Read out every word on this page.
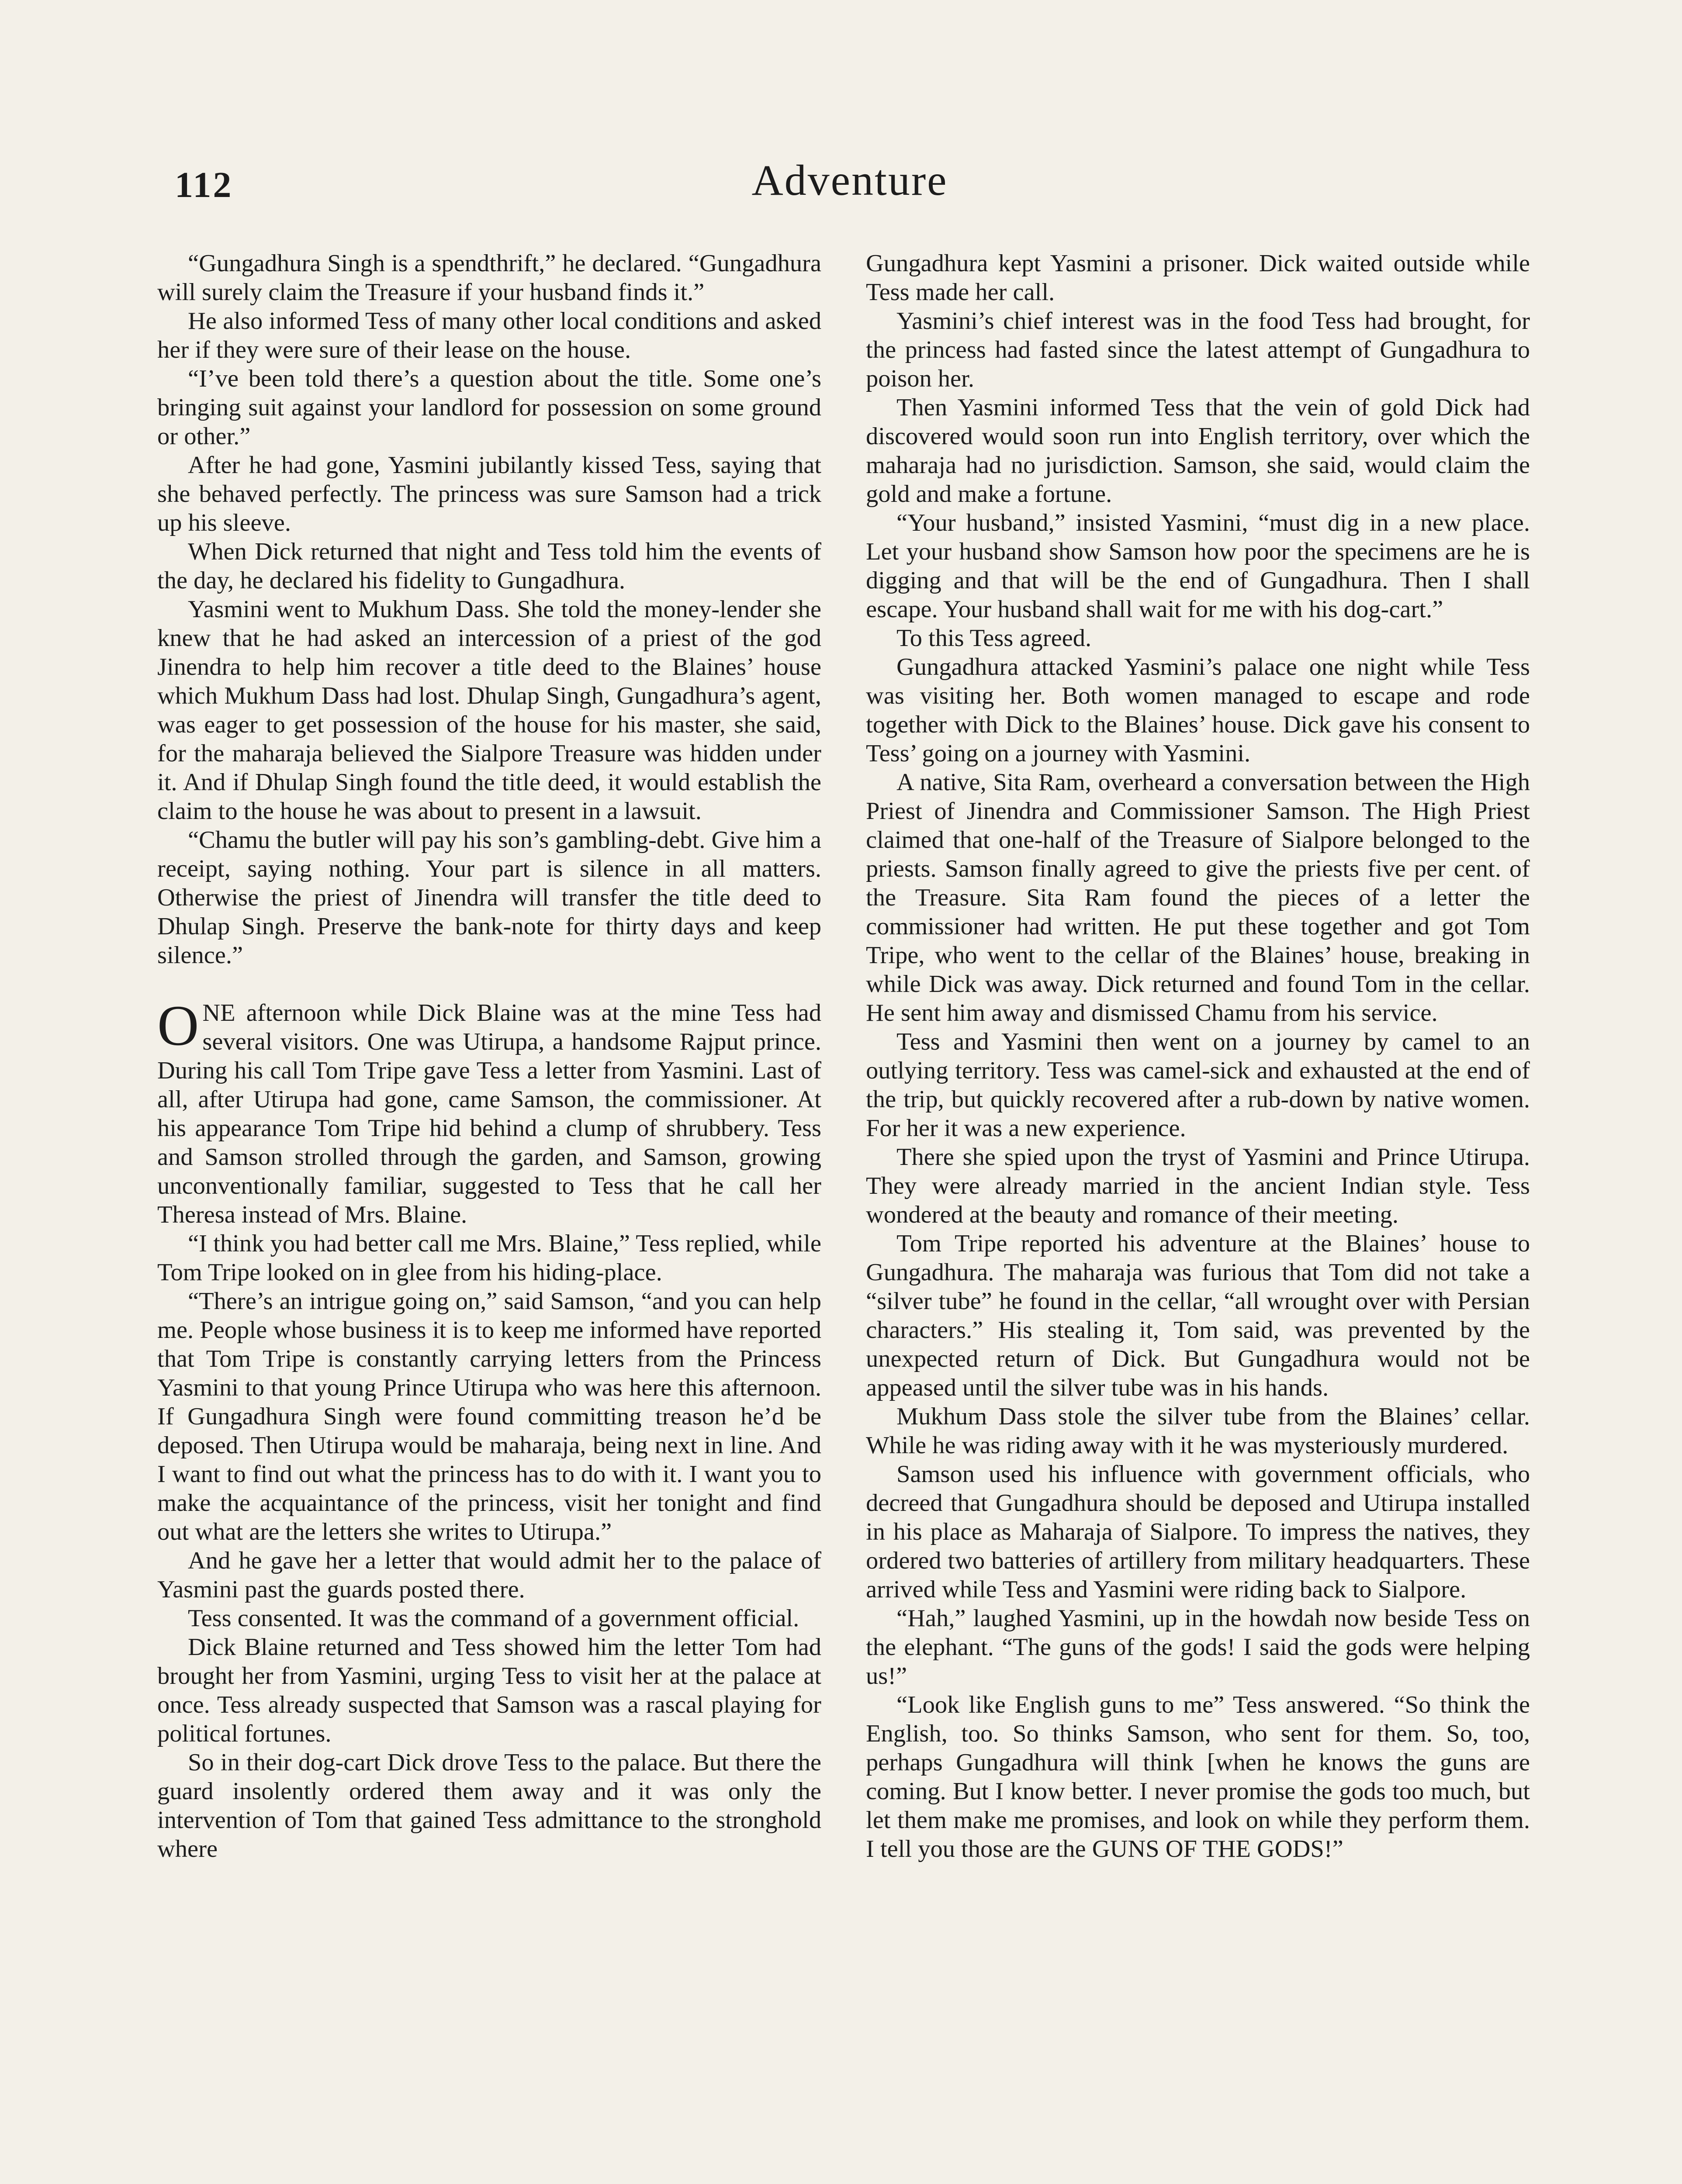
112	Adventure

“Gungadhura Singh is a spendthrift,” he declared. “Gungadhura will surely claim the Treasure if your husband finds it.”

He also informed Tess of many other local conditions and asked her if they were sure of their lease on the house.

“I’ve been told there’s a question about the title. Some one’s bringing suit against your landlord for possession on some ground or other.”

After he had gone, Yasmini jubilantly kissed Tess, saying that she behaved perfectly. The princess was sure Samson had a trick up his sleeve.

When Dick returned that night and Tess told him the events of the day, he declared his fidelity to Gungadhura.

Yasmini went to Mukhum Dass. She told the money-lender she knew that he had asked an intercession of a priest of the god Jinendra to help him recover a title deed to the Blaines’ house which Mukhum Dass had lost. Dhulap Singh, Gungadhura’s agent, was eager to get possession of the house for his master, she said, for the maharaja believed the Sialpore Treasure was hidden under it. And if Dhulap Singh found the title deed, it would establish the claim to the house he was about to present in a lawsuit.

“Chamu the butler will pay his son’s gambling-debt. Give him a receipt, saying nothing. Your part is silence in all matters. Otherwise the priest of Jinendra will transfer the title deed to Dhulap Singh. Preserve the bank-note for thirty days and keep silence.”

ONE afternoon while Dick Blaine was at the mine Tess had several visitors. One was Utirupa, a handsome Rajput prince. During his call Tom Tripe gave Tess a letter from Yasmini. Last of all, after Utirupa had gone, came Samson, the commissioner. At his appearance Tom Tripe hid behind a clump of shrubbery. Tess and Samson strolled through the garden, and Samson, growing unconventionally familiar, suggested to Tess that he call her Theresa instead of Mrs. Blaine.

“I think you had better call me Mrs. Blaine,” Tess replied, while Tom Tripe looked on in glee from his hiding-place.

“There’s an intrigue going on,” said Samson, “and you can help me. People whose business it is to keep me informed have reported that Tom Tripe is constantly carrying letters from the Princess Yasmini to that young Prince Utirupa who was here this afternoon. If Gungadhura Singh were found committing treason he’d be deposed. Then Utirupa would be maharaja, being next in line. And I want to find out what the princess has to do with it. I want you to make the acquaintance of the princess, visit her tonight and find out what are the letters she writes to Utirupa.”

And he gave her a letter that would admit her to the palace of Yasmini past the guards posted there.

Tess consented. It was the command of a government official.

Dick Blaine returned and Tess showed him the letter Tom had brought her from Yasmini, urging Tess to visit her at the palace at once. Tess already suspected that Samson was a rascal playing for political fortunes.

So in their dog-cart Dick drove Tess to the palace. But there the guard insolently ordered them away and it was only the intervention of Tom that gained Tess admittance to the stronghold where

Gungadhura kept Yasmini a prisoner. Dick waited outside while Tess made her call.

Yasmini’s chief interest was in the food Tess had brought, for the princess had fasted since the latest attempt of Gungadhura to poison her.

Then Yasmini informed Tess that the vein of gold Dick had discovered would soon run into English territory, over which the maharaja had no jurisdiction. Samson, she said, would claim the gold and make a fortune.

“Your husband,” insisted Yasmini, “must dig in a new place. Let your husband show Samson how poor the specimens are he is digging and that will be the end of Gungadhura. Then I shall escape. Your husband shall wait for me with his dog-cart.”

To this Tess agreed.

Gungadhura attacked Yasmini’s palace one night while Tess was visiting her. Both women managed to escape and rode together with Dick to the Blaines’ house. Dick gave his consent to Tess’ going on a journey with Yasmini.

A native, Sita Ram, overheard a conversation between the High Priest of Jinendra and Commissioner Samson. The High Priest claimed that one-half of the Treasure of Sialpore belonged to the priests. Samson finally agreed to give the priests five per cent. of the Treasure. Sita Ram found the pieces of a letter the commissioner had written. He put these together and got Tom Tripe, who went to the cellar of the Blaines’ house, breaking in while Dick was away. Dick returned and found Tom in the cellar. He sent him away and dismissed Chamu from his service.

Tess and Yasmini then went on a journey by camel to an outlying territory. Tess was camel-sick and exhausted at the end of the trip, but quickly recovered after a rub-down by native women. For her it was a new experience.

There she spied upon the tryst of Yasmini and Prince Utirupa. They were already married in the ancient Indian style. Tess wondered at the beauty and romance of their meeting.

Tom Tripe reported his adventure at the Blaines’ house to Gungadhura. The maharaja was furious that Tom did not take a “silver tube” he found in the cellar, “all wrought over with Persian characters.” His stealing it, Tom said, was prevented by the unexpected return of Dick. But Gungadhura would not be appeased until the silver tube was in his hands.

Mukhum Dass stole the silver tube from the Blaines’ cellar. While he was riding away with it he was mysteriously murdered.

Samson used his influence with government officials, who decreed that Gungadhura should be deposed and Utirupa installed in his place as Maharaja of Sialpore. To impress the natives, they ordered two batteries of artillery from military headquarters. These arrived while Tess and Yasmini were riding back to Sialpore.

“Hah,” laughed Yasmini, up in the howdah now beside Tess on the elephant. “The guns of the gods! I said the gods were helping us!”

“Look like English guns to me” Tess answered. “So think the English, too. So thinks Samson, who sent for them. So, too, perhaps Gungadhura will think [when he knows the guns are coming. But I know better. I never promise the gods too much, but let them make me promises, and look on while they perform them. I tell you those are the GUNS OF THE GODS!”
